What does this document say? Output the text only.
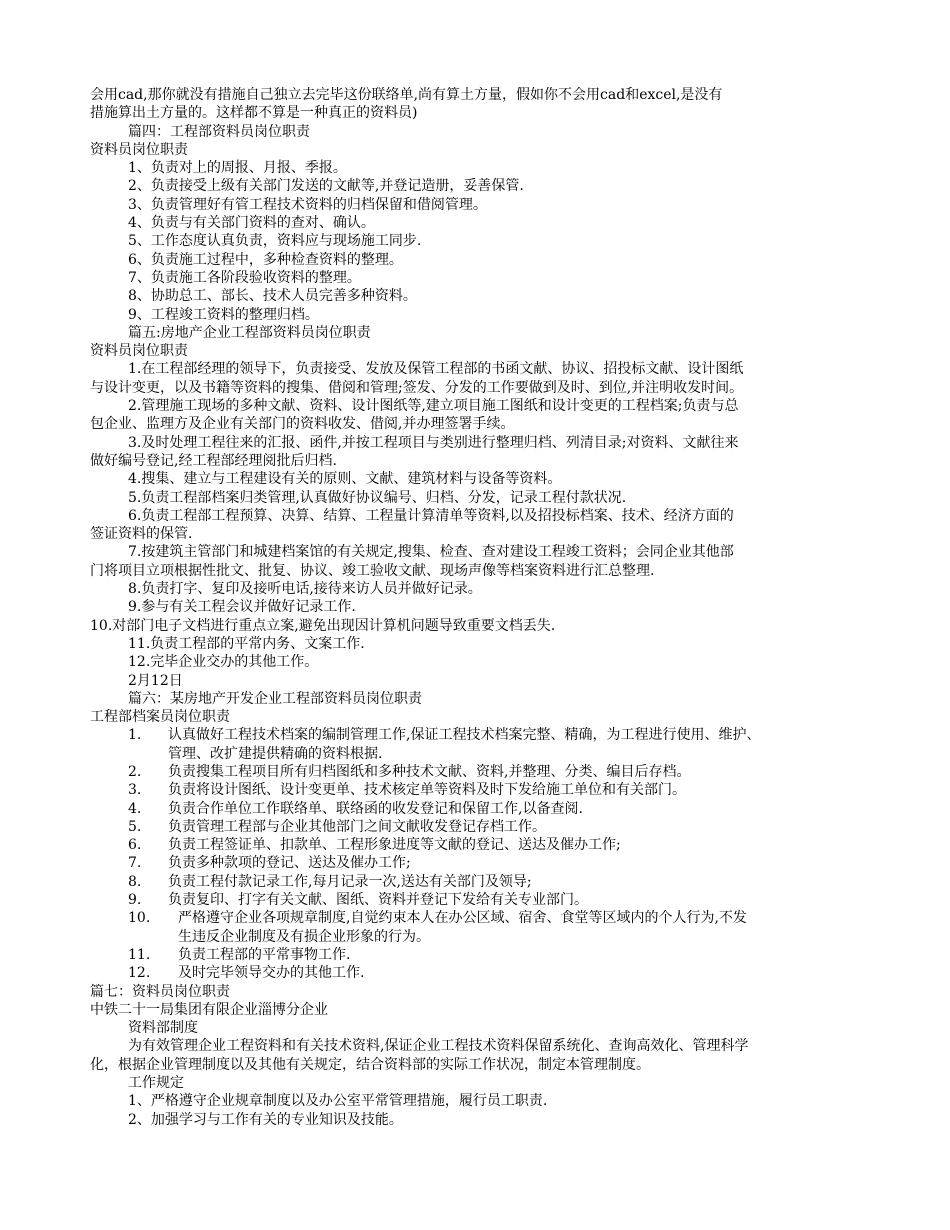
会用cad,那你就没有措施自己独立去完毕这份联络单,尚有算土方量，假如你不会用cad和excel,是没有
措施算出土方量的。这样都不算是一种真正的资料员)
篇四：工程部资料员岗位职责
资料员岗位职责
1、负责对上的周报、月报、季报。
2、负责接受上级有关部门发送的文献等,并登记造册，妥善保管.
3、负责管理好有管工程技术资料的归档保留和借阅管理。
4、负责与有关部门资料的查对、确认。
5、工作态度认真负责，资料应与现场施工同步.
6、负责施工过程中，多种检查资料的整理。
7、负责施工各阶段验收资料的整理。
8、协助总工、部长、技术人员完善多种资料。
9、工程竣工资料的整理归档。
篇五:房地产企业工程部资料员岗位职责
资料员岗位职责
1.在工程部经理的领导下，负责接受、发放及保管工程部的书函文献、协议、招投标文献、设计图纸
与设计变更，以及书籍等资料的搜集、借阅和管理;签发、分发的工作要做到及时、到位,并注明收发时间。
2.管理施工现场的多种文献、资料、设计图纸等,建立项目施工图纸和设计变更的工程档案;负责与总
包企业、监理方及企业有关部门的资料收发、借阅,并办理签署手续。
3.及时处理工程往来的汇报、函件,并按工程项目与类别进行整理归档、列清目录;对资料、文献往来
做好编号登记,经工程部经理阅批后归档.
4.搜集、建立与工程建设有关的原则、文献、建筑材料与设备等资料。
5.负责工程部档案归类管理,认真做好协议编号、归档、分发，记录工程付款状况.
6.负责工程部工程预算、决算、结算、工程量计算清单等资料,以及招投标档案、技术、经济方面的
签证资料的保管.
7.按建筑主管部门和城建档案馆的有关规定,搜集、检查、查对建设工程竣工资料；会同企业其他部
门将项目立项根据性批文、批复、协议、竣工验收文献、现场声像等档案资料进行汇总整理.
8.负责打字、复印及接听电话,接待来访人员并做好记录。
9.参与有关工程会议并做好记录工作.
10.对部门电子文档进行重点立案,避免出现因计算机问题导致重要文档丢失.
11.负责工程部的平常内务、文案工作.
12.完毕企业交办的其他工作。
2月12日
篇六：某房地产开发企业工程部资料员岗位职责
工程部档案员岗位职责
1.	认真做好工程技术档案的编制管理工作,保证工程技术档案完整、精确，为工程进行使用、维护、
管理、改扩建提供精确的资料根据.
2.	负责搜集工程项目所有归档图纸和多种技术文献、资料,并整理、分类、编目后存档。
3.	负责将设计图纸、设计变更单、技术核定单等资料及时下发给施工单位和有关部门。
4.	负责合作单位工作联络单、联络函的收发登记和保留工作,以备查阅.
5.	负责管理工程部与企业其他部门之间文献收发登记存档工作。
6.	负责工程签证单、扣款单、工程形象进度等文献的登记、送达及催办工作;
7.	负责多种款项的登记、送达及催办工作;
8.	负责工程付款记录工作,每月记录一次,送达有关部门及领导;
9.	负责复印、打字有关文献、图纸、资料并登记下发给有关专业部门。
10.	严格遵守企业各项规章制度,自觉约束本人在办公区域、宿舍、食堂等区域内的个人行为,不发
生违反企业制度及有损企业形象的行为。
11.	负责工程部的平常事物工作.
12.	及时完毕领导交办的其他工作.
篇七：资料员岗位职责
中铁二十一局集团有限企业淄博分企业
资料部制度
为有效管理企业工程资料和有关技术资料,保证企业工程技术资料保留系统化、查询高效化、管理科学
化，根据企业管理制度以及其他有关规定，结合资料部的实际工作状况，制定本管理制度。
工作规定
1、严格遵守企业规章制度以及办公室平常管理措施，履行员工职责.
2、加强学习与工作有关的专业知识及技能。
